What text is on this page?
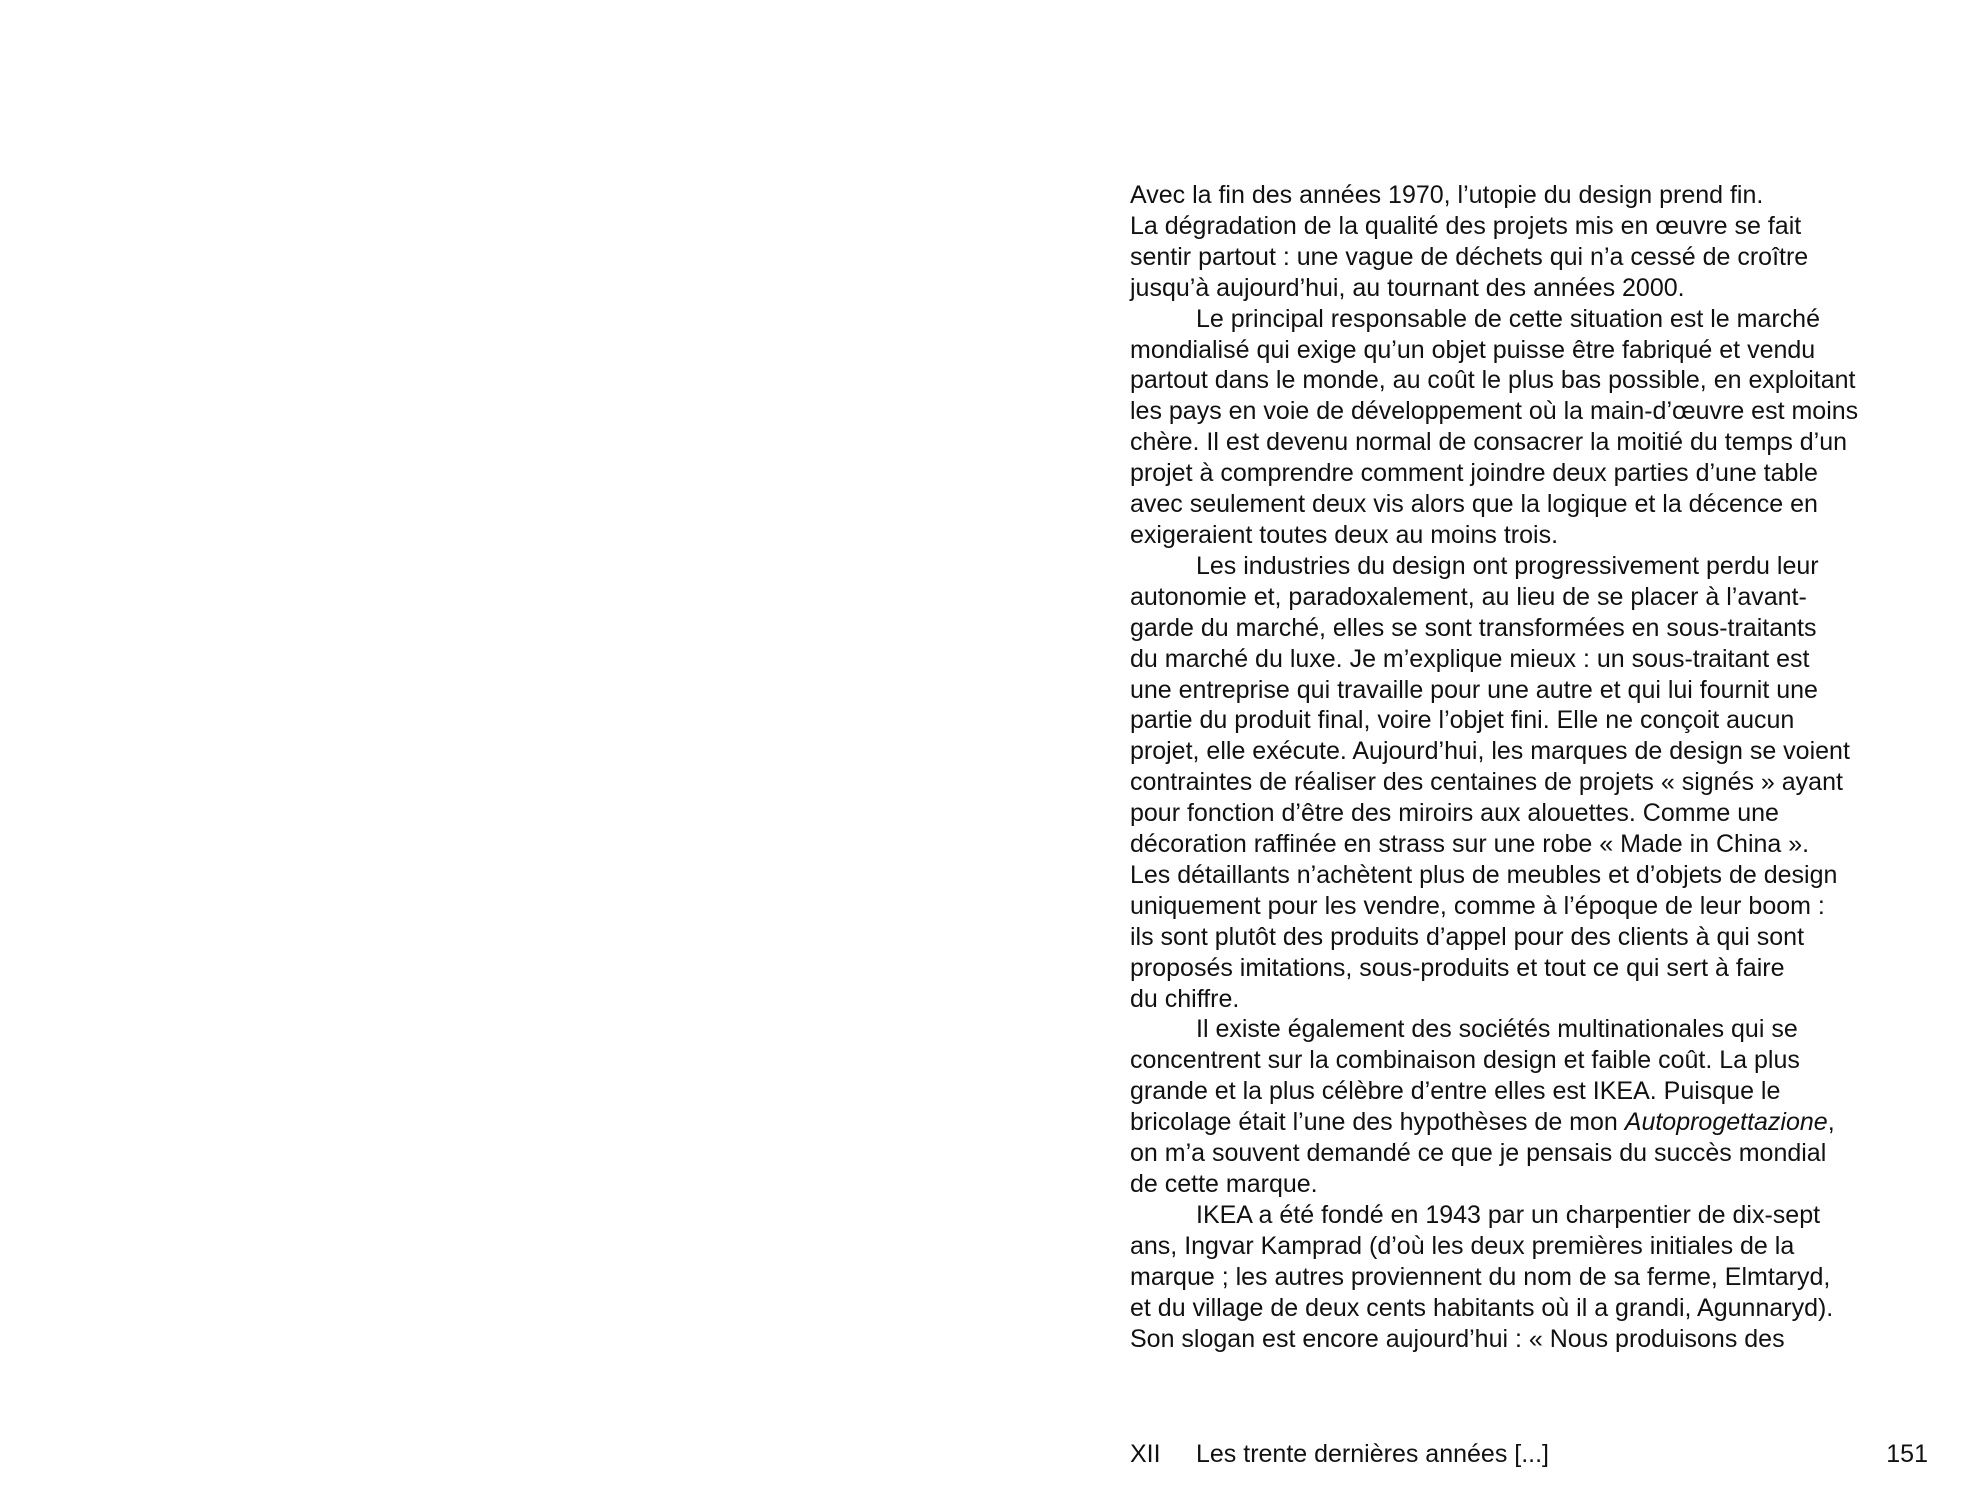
Avec la fin des années 1970, l’utopie du design prend fin.
La dégradation de la qualité des projets mis en œuvre se fait
sentir partout : une vague de déchets qui n’a cessé de croître
jusqu’à aujourd’hui, au tournant des années 2000.
Le principal responsable de cette situation est le marché
mondialisé qui exige qu’un objet puisse être fabriqué et vendu
partout dans le monde, au coût le plus bas possible, en exploitant
les pays en voie de développement où la main-d’œuvre est moins
chère. Il est devenu normal de consacrer la moitié du temps d’un
projet à comprendre comment joindre deux parties d’une table
avec seulement deux vis alors que la logique et la décence en
exigeraient toutes deux au moins trois.
Les industries du design ont progressivement perdu leur
autonomie et, paradoxalement, au lieu de se placer à l’avant-
garde du marché, elles se sont transformées en sous-traitants
du marché du luxe. Je m’explique mieux : un sous-traitant est
une entreprise qui travaille pour une autre et qui lui fournit une
partie du produit final, voire l’objet fini. Elle ne conçoit aucun
projet, elle exécute. Aujourd’hui, les marques de design se voient
contraintes de réaliser des centaines de projets « signés » ayant
pour fonction d’être des miroirs aux alouettes. Comme une
décoration raffinée en strass sur une robe « Made in China ».
Les détaillants n’achètent plus de meubles et d’objets de design
uniquement pour les vendre, comme à l’époque de leur boom :
ils sont plutôt des produits d’appel pour des clients à qui sont
proposés imitations, sous-produits et tout ce qui sert à faire
du chiffre.
Il existe également des sociétés multinationales qui se
concentrent sur la combinaison design et faible coût. La plus
grande et la plus célèbre d’entre elles est IKEA. Puisque le
bricolage était l’une des hypothèses de mon Autoprogettazione,
on m’a souvent demandé ce que je pensais du succès mondial
de cette marque.
IKEA a été fondé en 1943 par un charpentier de dix-sept
ans, Ingvar Kamprad (d’où les deux premières initiales de la
marque ; les autres proviennent du nom de sa ferme, Elmtaryd,
et du village de deux cents habitants où il a grandi, Agunnaryd).
Son slogan est encore aujourd’hui : « Nous produisons des
XII Les trente dernières années [...]	151
